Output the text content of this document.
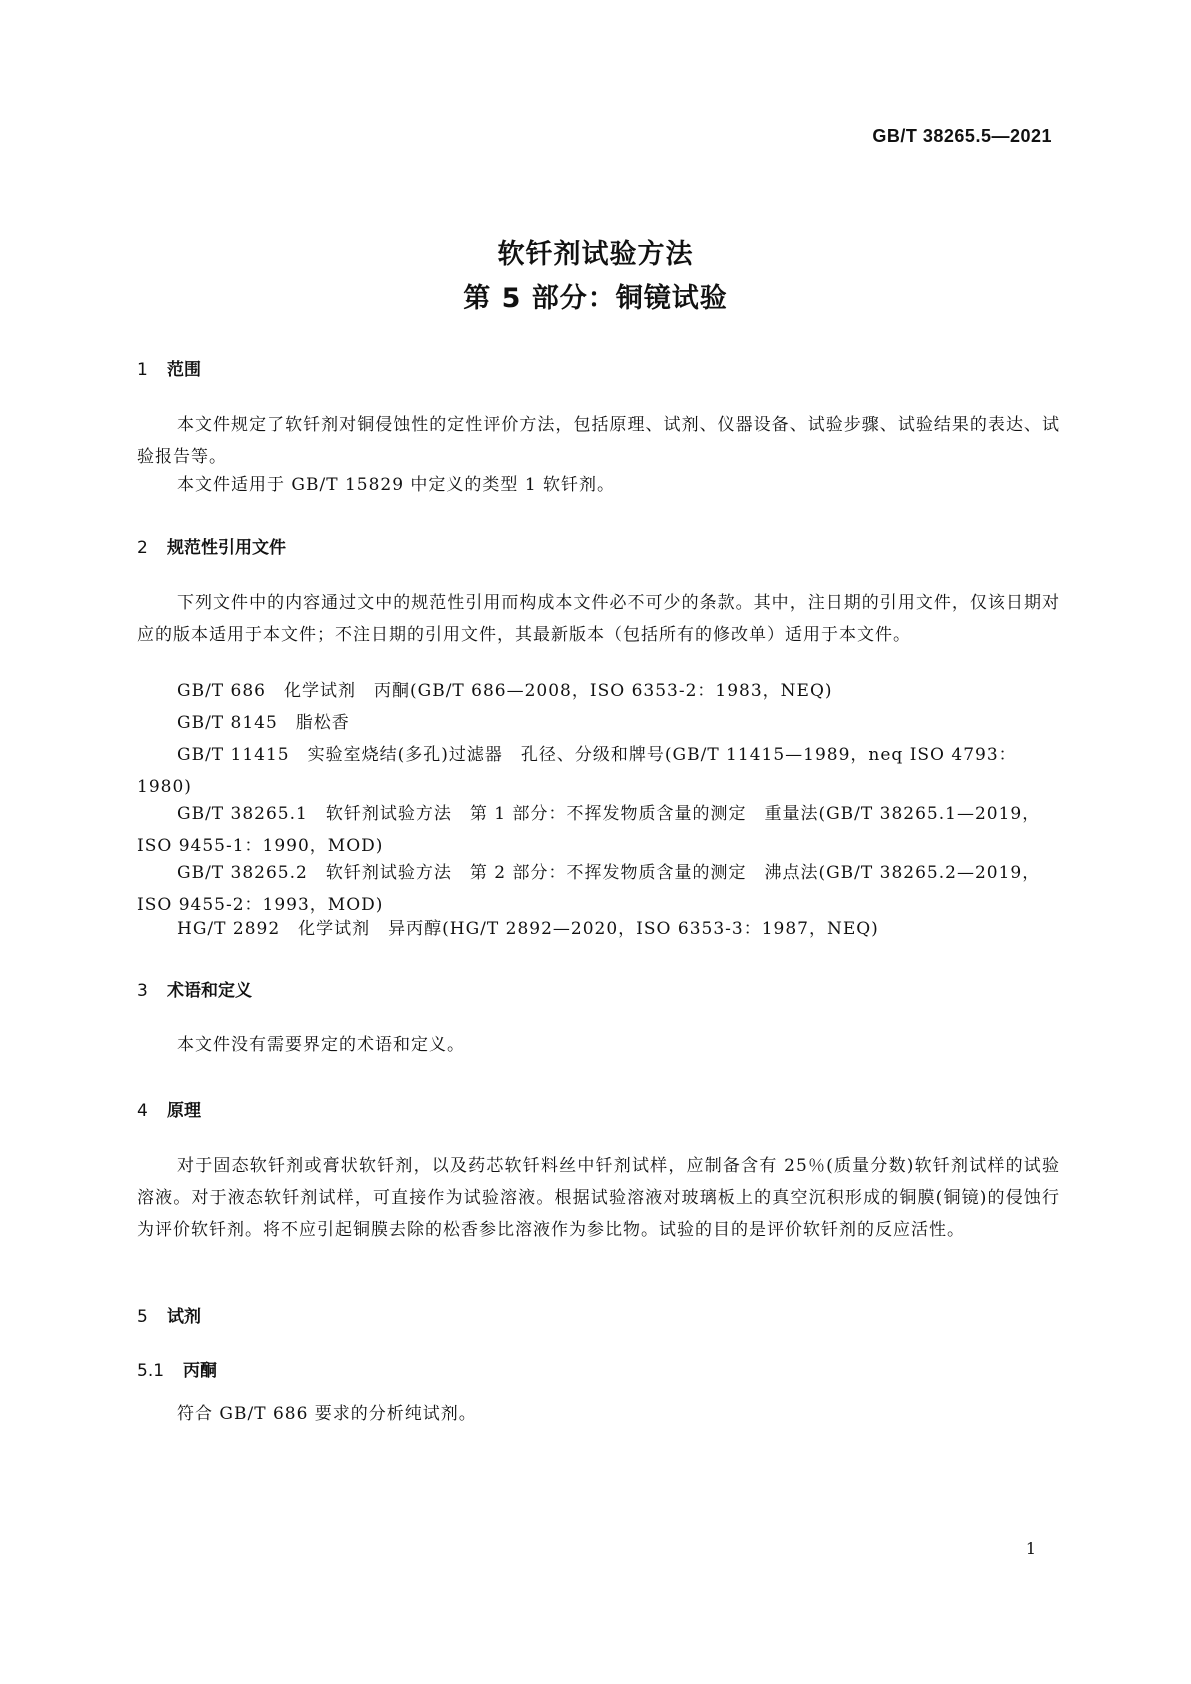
GB/T 38265.5—2021
软钎剂试验方法
第 5 部分：铜镜试验
1 范围
本文件规定了软钎剂对铜侵蚀性的定性评价方法，包括原理、试剂、仪器设备、试验步骤、试验结果的表达、试验报告等。
本文件适用于 GB/T 15829 中定义的类型 1 软钎剂。
2 规范性引用文件
下列文件中的内容通过文中的规范性引用而构成本文件必不可少的条款。其中，注日期的引用文件，仅该日期对应的版本适用于本文件；不注日期的引用文件，其最新版本（包括所有的修改单）适用于本文件。
GB/T 686　化学试剂　丙酮(GB/T 686—2008，ISO 6353-2：1983，NEQ)
GB/T 8145　脂松香
GB/T 11415　实验室烧结(多孔)过滤器　孔径、分级和牌号(GB/T 11415—1989，neq ISO 4793：1980)
GB/T 38265.1　软钎剂试验方法　第 1 部分：不挥发物质含量的测定　重量法(GB/T 38265.1—2019，ISO 9455-1：1990，MOD)
GB/T 38265.2　软钎剂试验方法　第 2 部分：不挥发物质含量的测定　沸点法(GB/T 38265.2—2019，ISO 9455-2：1993，MOD)
HG/T 2892　化学试剂　异丙醇(HG/T 2892—2020，ISO 6353-3：1987，NEQ)
3 术语和定义
本文件没有需要界定的术语和定义。
4 原理
对于固态软钎剂或膏状软钎剂，以及药芯软钎料丝中钎剂试样，应制备含有 25％(质量分数)软钎剂试样的试验溶液。对于液态软钎剂试样，可直接作为试验溶液。根据试验溶液对玻璃板上的真空沉积形成的铜膜(铜镜)的侵蚀行为评价软钎剂。将不应引起铜膜去除的松香参比溶液作为参比物。试验的目的是评价软钎剂的反应活性。
5 试剂
5.1 丙酮
符合 GB/T 686 要求的分析纯试剂。
1
